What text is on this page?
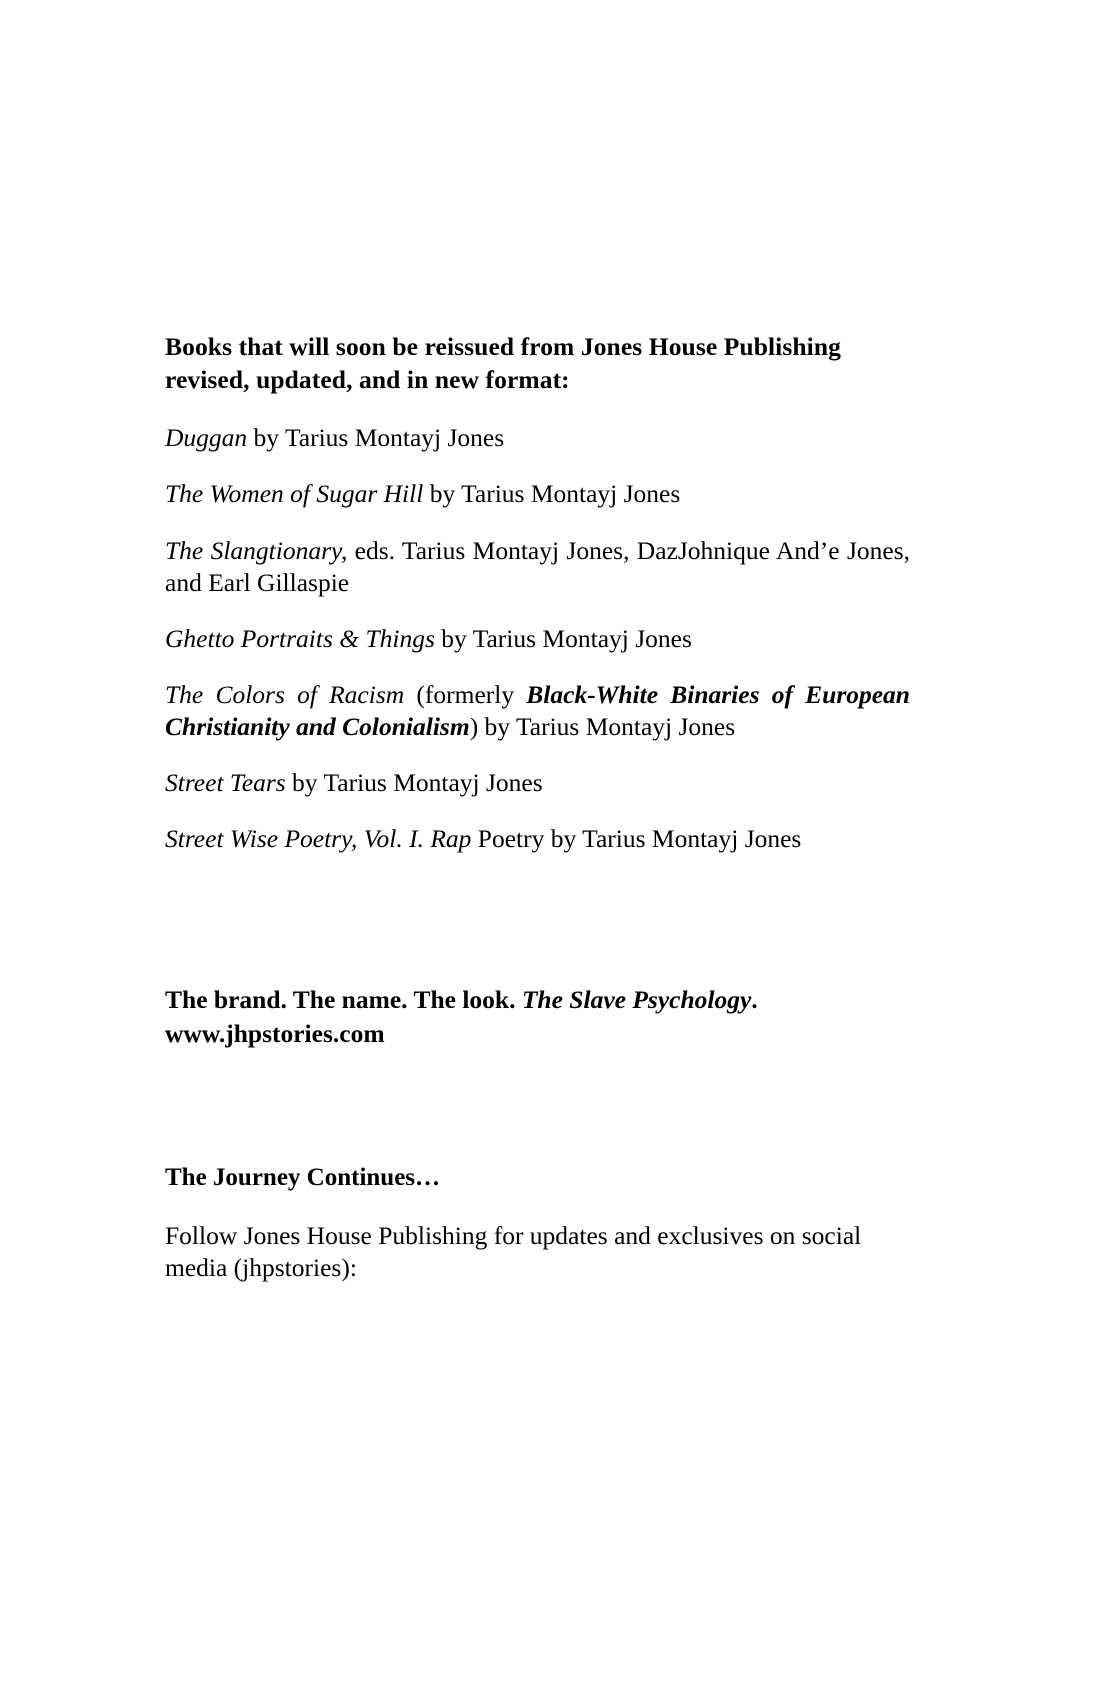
Books that will soon be reissued from Jones House Publishing revised, updated, and in new format:

Duggan by Tarius Montayj Jones

The Women of Sugar Hill by Tarius Montayj Jones

The Slangtionary, eds. Tarius Montayj Jones, DazJohnique And’e Jones, and Earl Gillaspie

Ghetto Portraits & Things by Tarius Montayj Jones

The Colors of Racism (formerly Black-White Binaries of European Christianity and Colonialism) by Tarius Montayj Jones

Street Tears by Tarius Montayj Jones

Street Wise Poetry, Vol. I. Rap Poetry by Tarius Montayj Jones

The brand. The name. The look. The Slave Psychology.
www.jhpstories.com

The Journey Continues…

Follow Jones House Publishing for updates and exclusives on social media (jhpstories):
